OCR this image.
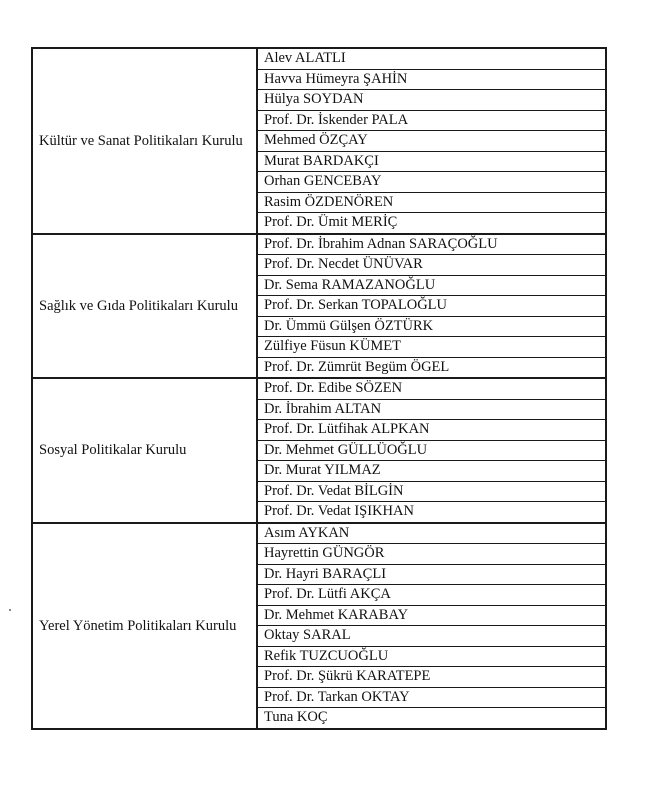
Kültür ve Sanat Politikaları Kurulu	Alev ALATLI
	Havva Hümeyra ŞAHİN
	Hülya SOYDAN
	Prof. Dr. İskender PALA
	Mehmed ÖZÇAY
	Murat BARDAKÇI
	Orhan GENCEBAY
	Rasim ÖZDENÖREN
	Prof. Dr. Ümit MERİÇ
Sağlık ve Gıda Politikaları Kurulu	Prof. Dr. İbrahim Adnan SARAÇOĞLU
	Prof. Dr. Necdet ÜNÜVAR
	Dr. Sema RAMAZANOĞLU
	Prof. Dr. Serkan TOPALOĞLU
	Dr. Ümmü Gülşen ÖZTÜRK
	Zülfiye Füsun KÜMET
	Prof. Dr. Zümrüt Begüm ÖGEL
Sosyal Politikalar Kurulu	Prof. Dr. Edibe SÖZEN
	Dr. İbrahim ALTAN
	Prof. Dr. Lütfihak ALPKAN
	Dr. Mehmet GÜLLÜOĞLU
	Dr. Murat YILMAZ
	Prof. Dr. Vedat BİLGİN
	Prof. Dr. Vedat IŞIKHAN
Yerel Yönetim Politikaları Kurulu	Asım AYKAN
	Hayrettin GÜNGÖR
	Dr. Hayri BARAÇLI
	Prof. Dr. Lütfi AKÇA
	Dr. Mehmet KARABAY
	Oktay SARAL
	Refik TUZCUOĞLU
	Prof. Dr. Şükrü KARATEPE
	Prof. Dr. Tarkan OKTAY
	Tuna KOÇ
